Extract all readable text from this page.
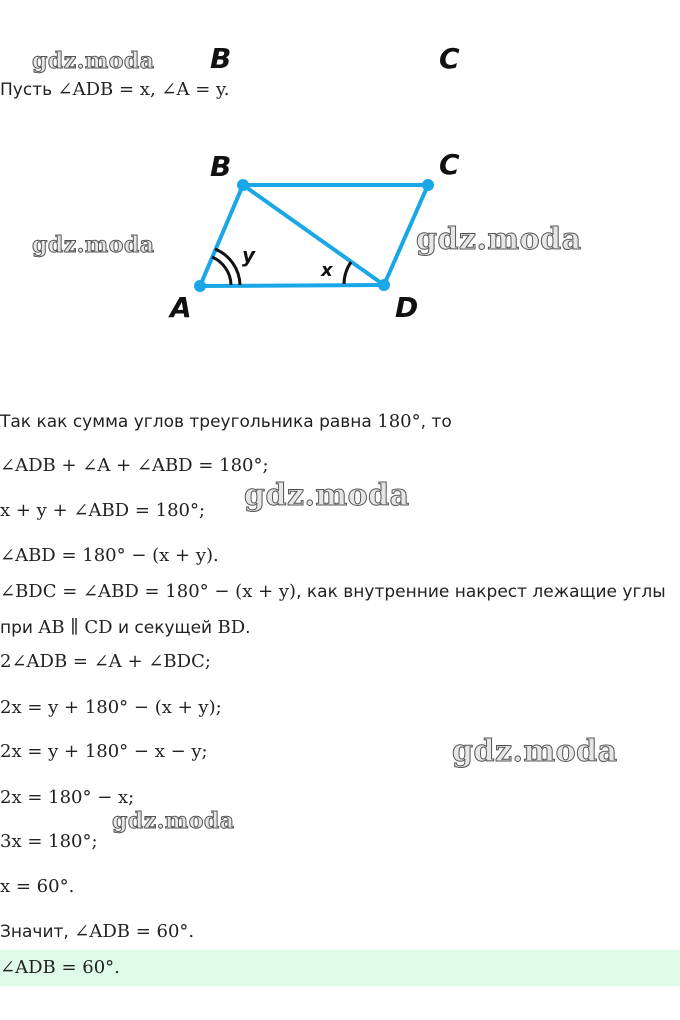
∠ADB = 60°.
y
x
B	C
B	C
A	D
Пусть ∠ADB = x, ∠A = y.
Так как сумма углов треугольника равна 180°, то
∠ADB + ∠A + ∠ABD = 180°;
x + y + ∠ABD = 180°;
∠ABD = 180° − (x + y).
∠BDC = ∠ABD = 180° − (x + y), как внутренние накрест лежащие углы
при AB ∥ CD и секущей BD.
2∠ADB = ∠A + ∠BDC;
2x = y + 180° − (x + y);
2x = y + 180° − x − y;
2x = 180° − x;
3x = 180°;
x = 60°.
Значит, ∠ADB = 60°.
gdz.moda
gdz.moda	gdz.moda
gdz.moda
gdz.moda
gdz.moda
